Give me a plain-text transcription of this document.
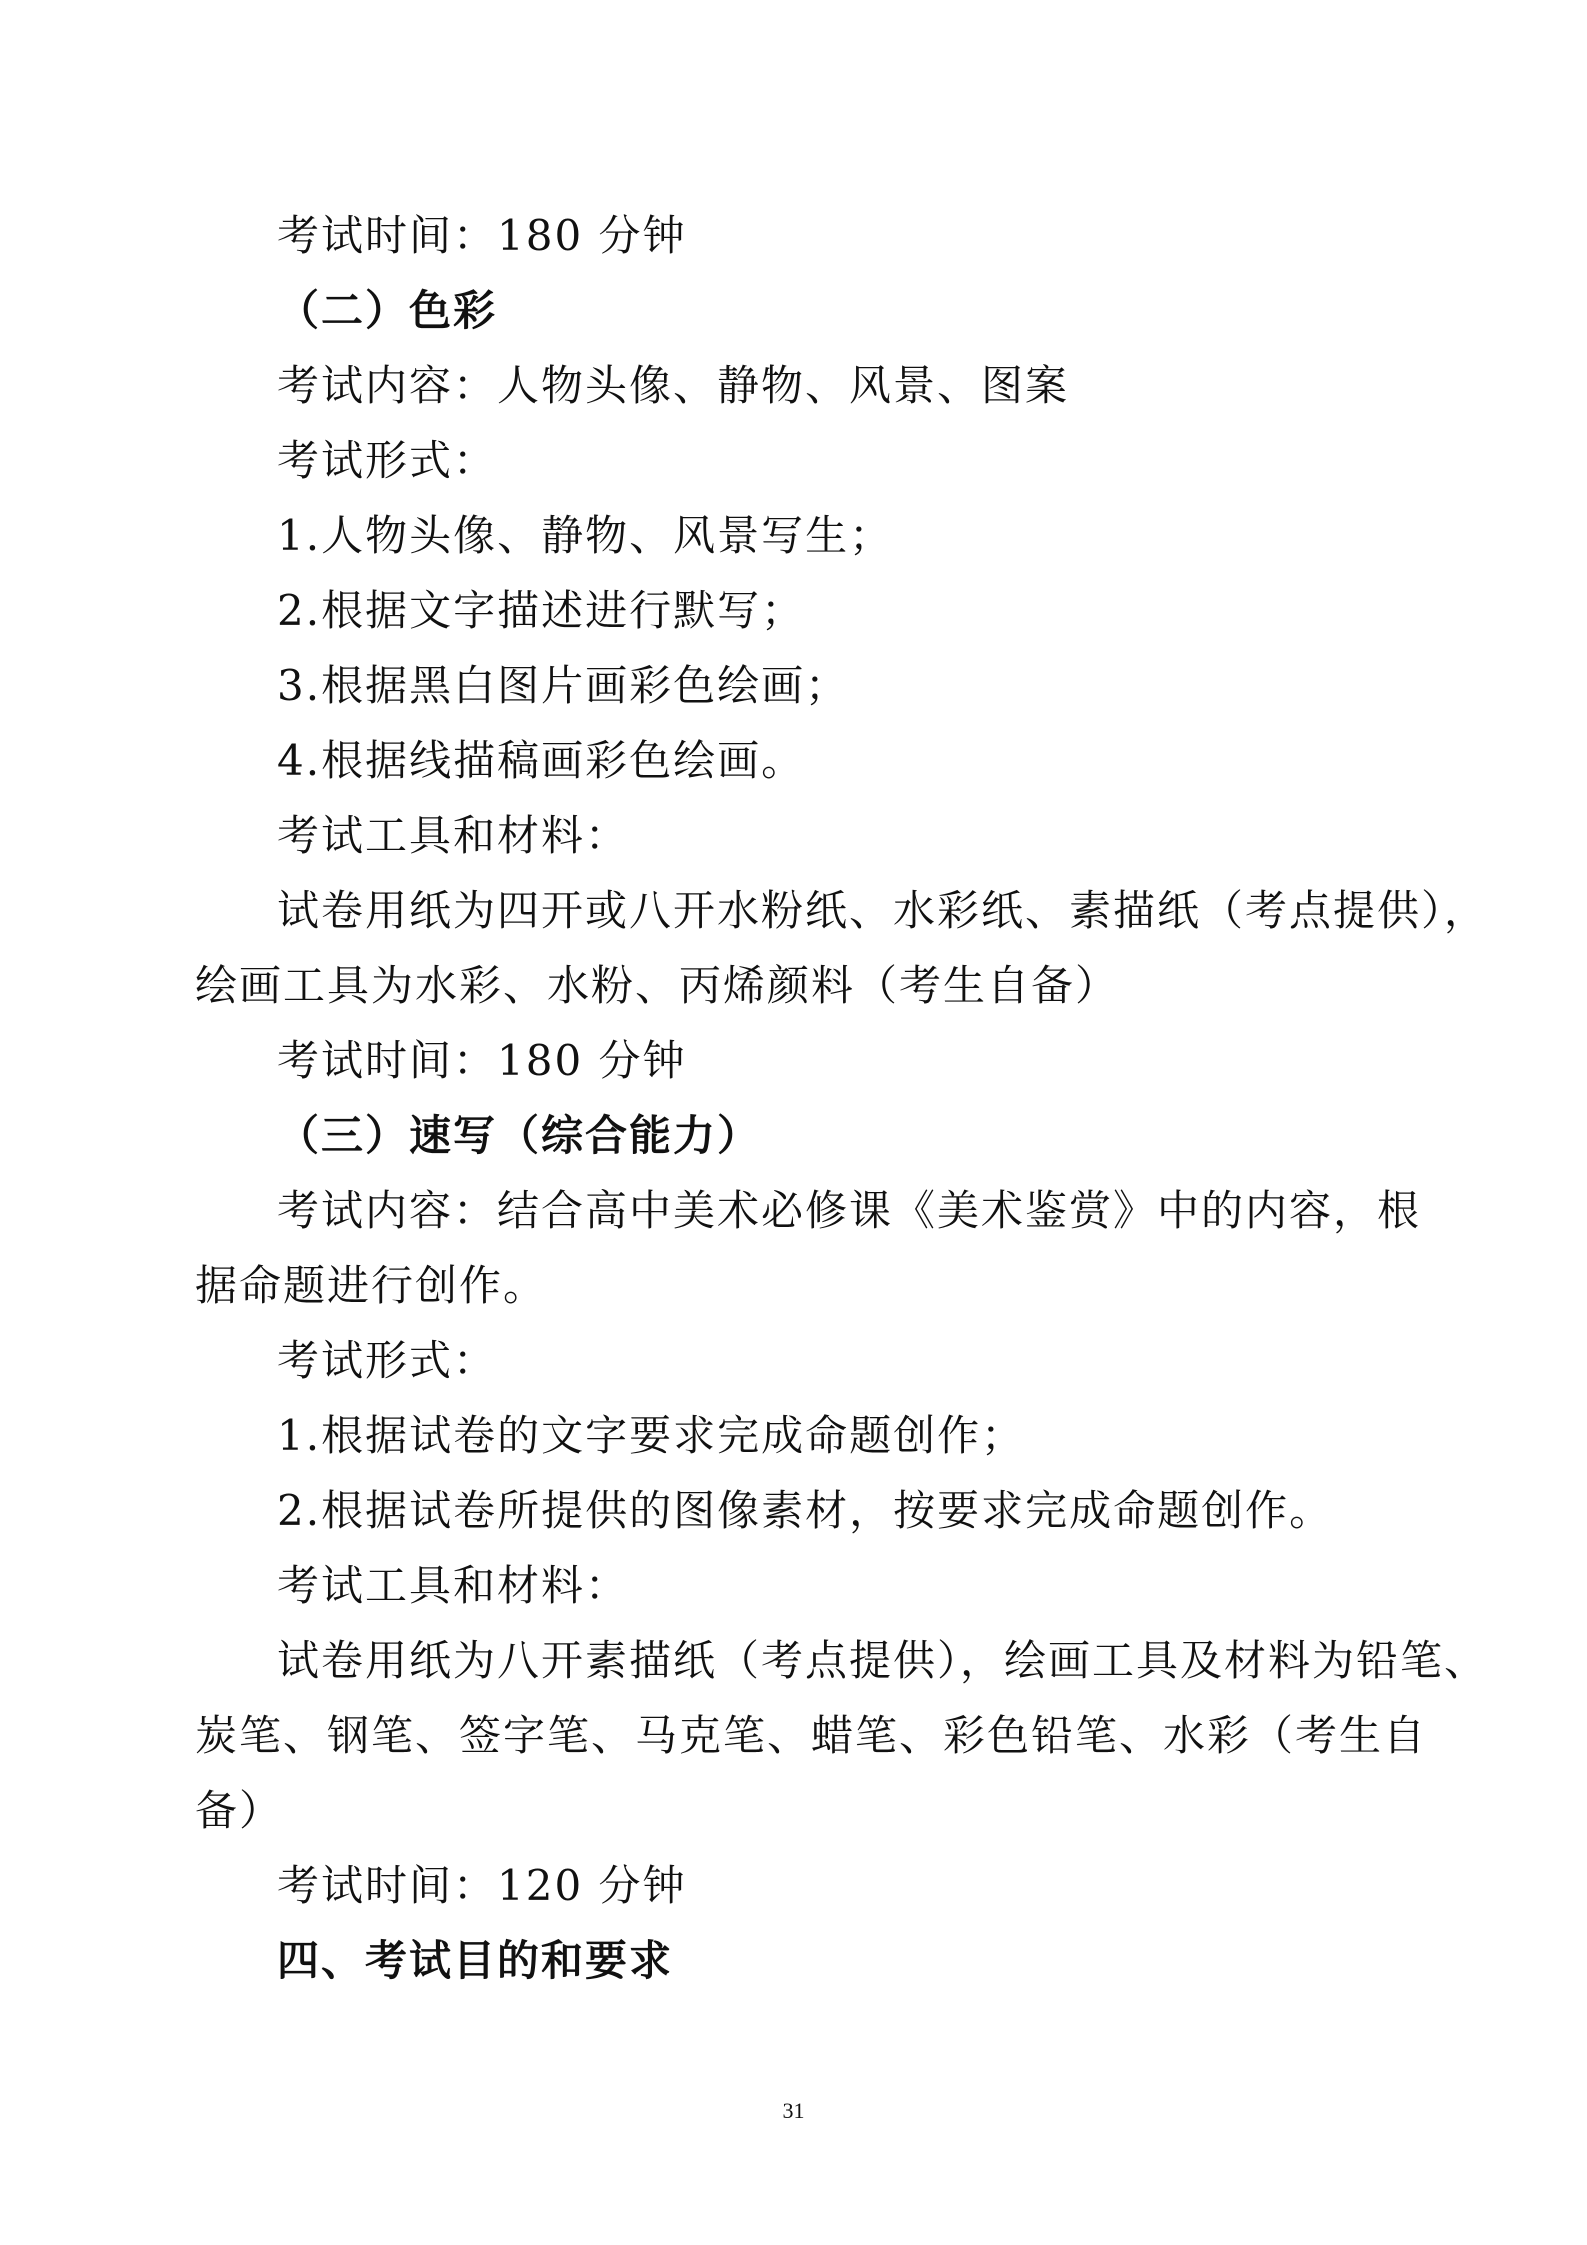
考试时间：180 分钟
（二）色彩
考试内容：人物头像、静物、风景、图案
考试形式：
1.人物头像、静物、风景写生；
2.根据文字描述进行默写；
3.根据黑白图片画彩色绘画；
4.根据线描稿画彩色绘画。
考试工具和材料：
试卷用纸为四开或八开水粉纸、水彩纸、素描纸（考点提供），
绘画工具为水彩、水粉、丙烯颜料（考生自备）
考试时间：180 分钟
（三）速写（综合能力）
考试内容：结合高中美术必修课《美术鉴赏》中的内容，根
据命题进行创作。
考试形式：
1.根据试卷的文字要求完成命题创作；
2.根据试卷所提供的图像素材，按要求完成命题创作。
考试工具和材料：
试卷用纸为八开素描纸（考点提供），绘画工具及材料为铅笔、
炭笔、钢笔、签字笔、马克笔、蜡笔、彩色铅笔、水彩（考生自
备）
考试时间：120 分钟
四、考试目的和要求
31
